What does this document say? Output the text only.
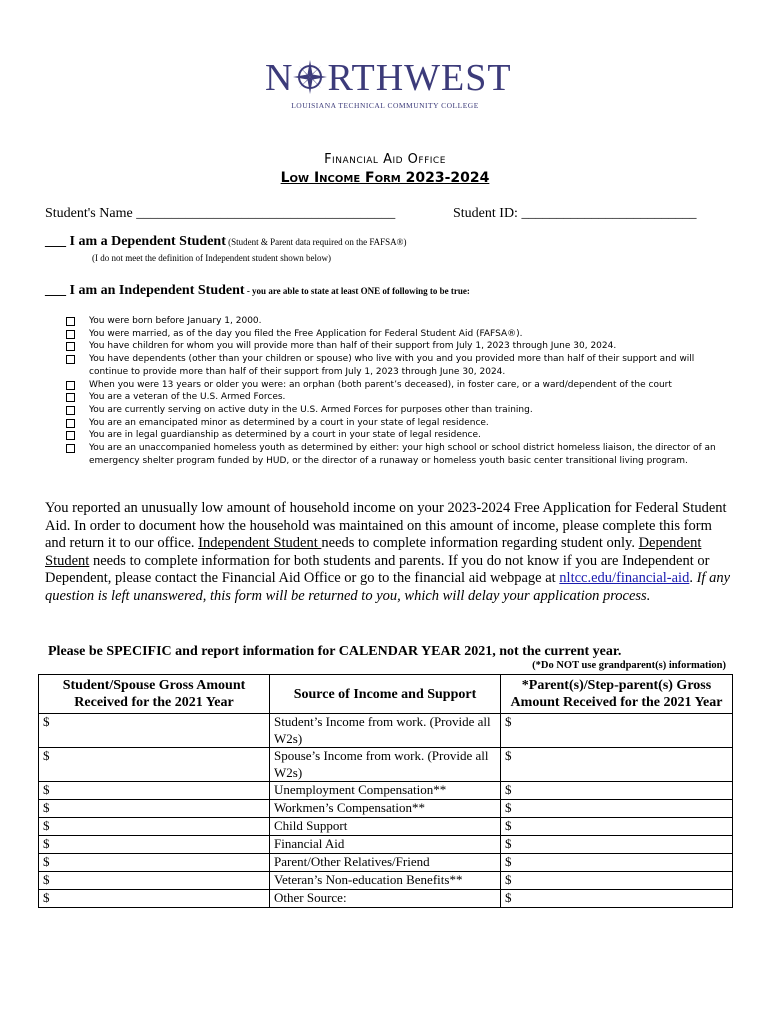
N RTHWEST
LOUISIANA TECHNICAL COMMUNITY COLLEGE
Financial Aid Office
Low Income Form 2023-2024
Student's Name _____________________________________	Student ID: _________________________
___ I am a Dependent Student (Student & Parent data required on the FAFSA®)
(I do not meet the definition of Independent student shown below)
___ I am an Independent Student - you are able to state at least ONE of following to be true:
You were born before January 1, 2000.
You were married, as of the day you filed the Free Application for Federal Student Aid (FAFSA®).
You have children for whom you will provide more than half of their support from July 1, 2023 through June 30, 2024.
You have dependents (other than your children or spouse) who live with you and you provided more than half of their support and will continue to provide more than half of their support from July 1, 2023 through June 30, 2024.
When you were 13 years or older you were: an orphan (both parent’s deceased), in foster care, or a ward/dependent of the court
You are a veteran of the U.S. Armed Forces.
You are currently serving on active duty in the U.S. Armed Forces for purposes other than training.
You are an emancipated minor as determined by a court in your state of legal residence.
You are in legal guardianship as determined by a court in your state of legal residence.
You are an unaccompanied homeless youth as determined by either: your high school or school district homeless liaison, the director of an emergency shelter program funded by HUD, or the director of a runaway or homeless youth basic center transitional living program.
You reported an unusually low amount of household income on your 2023-2024 Free Application for Federal Student Aid. In order to document how the household was maintained on this amount of income, please complete this form and return it to our office. Independent Student needs to complete information regarding student only. Dependent Student needs to complete information for both students and parents. If you do not know if you are Independent or Dependent, please contact the Financial Aid Office or go to the financial aid webpage at nltcc.edu/financial-aid. If any question is left unanswered, this form will be returned to you, which will delay your application process.
Please be SPECIFIC and report information for CALENDAR YEAR 2021, not the current year.
(*Do NOT use grandparent(s) information)
Student/Spouse Gross Amount Received for the 2021 Year	Source of Income and Support	*Parent(s)/Step-parent(s) Gross Amount Received for the 2021 Year
$	Student’s Income from work. (Provide all W2s)	$
$	Spouse’s Income from work. (Provide all W2s)	$
$	Unemployment Compensation**	$
$	Workmen’s Compensation**	$
$	Child Support	$
$	Financial Aid	$
$	Parent/Other Relatives/Friend	$
$	Veteran’s Non-education Benefits**	$
$	Other Source:	$
